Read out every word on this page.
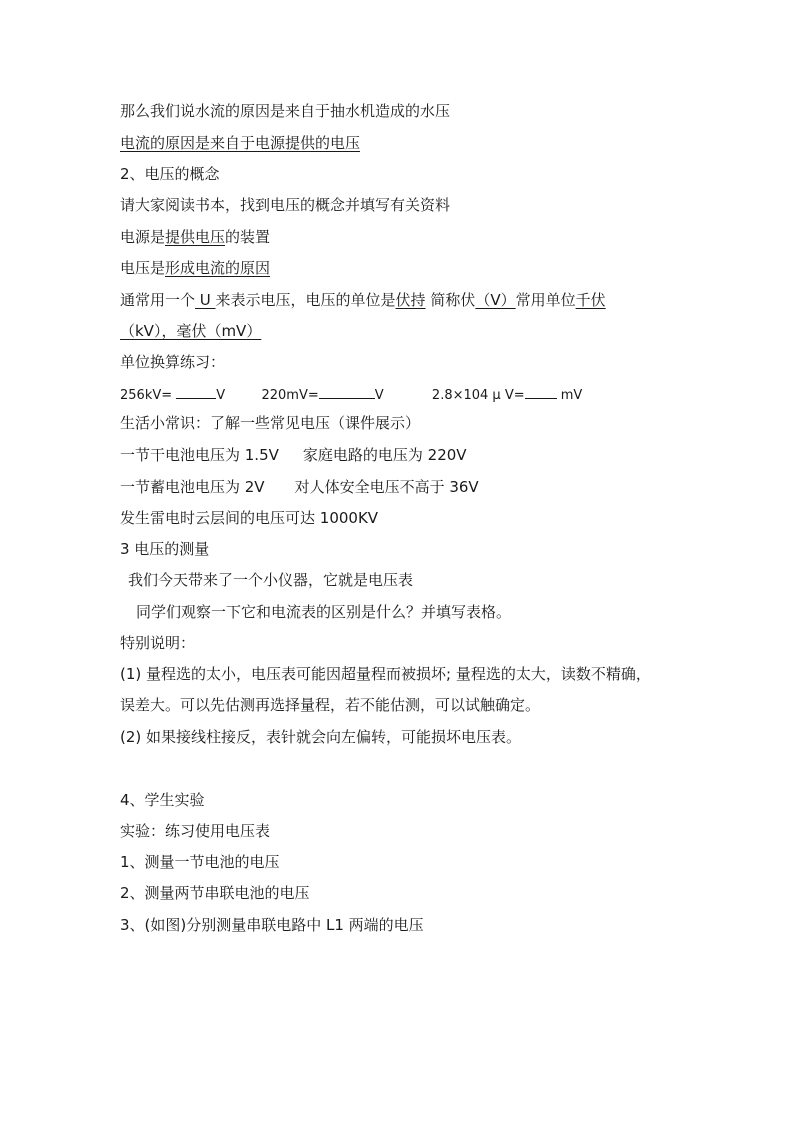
那么我们说水流的原因是来自于抽水机造成的水压
电流的原因是来自于电源提供的电压
2、电压的概念
请大家阅读书本，找到电压的概念并填写有关资料
电源是提供电压的装置
电压是形成电流的原因
通常用一个 U 来表示电压，电压的单位是伏持 简称伏（V）常用单位千伏
（kV），毫伏（mV）
单位换算练习：
256kV=	V	220mV=	V	2.8×104 μ V=	mV
生活小常识：了解一些常见电压（课件展示）
一节干电池电压为 1.5V 家庭电路的电压为 220V
一节蓄电池电压为 2V 对人体安全电压不高于 36V
发生雷电时云层间的电压可达 1000KV
3 电压的测量
我们今天带来了一个小仪器，它就是电压表
同学们观察一下它和电流表的区别是什么？并填写表格。
特别说明：
(1) 量程选的太小，电压表可能因超量程而被损坏; 量程选的太大，读数不精确，
误差大。可以先估测再选择量程，若不能估测，可以试触确定。
(2) 如果接线柱接反，表针就会向左偏转，可能损坏电压表。
4、学生实验
实验：练习使用电压表
1、测量一节电池的电压
2、测量两节串联电池的电压
3、(如图)分别测量串联电路中 L1 两端的电压
